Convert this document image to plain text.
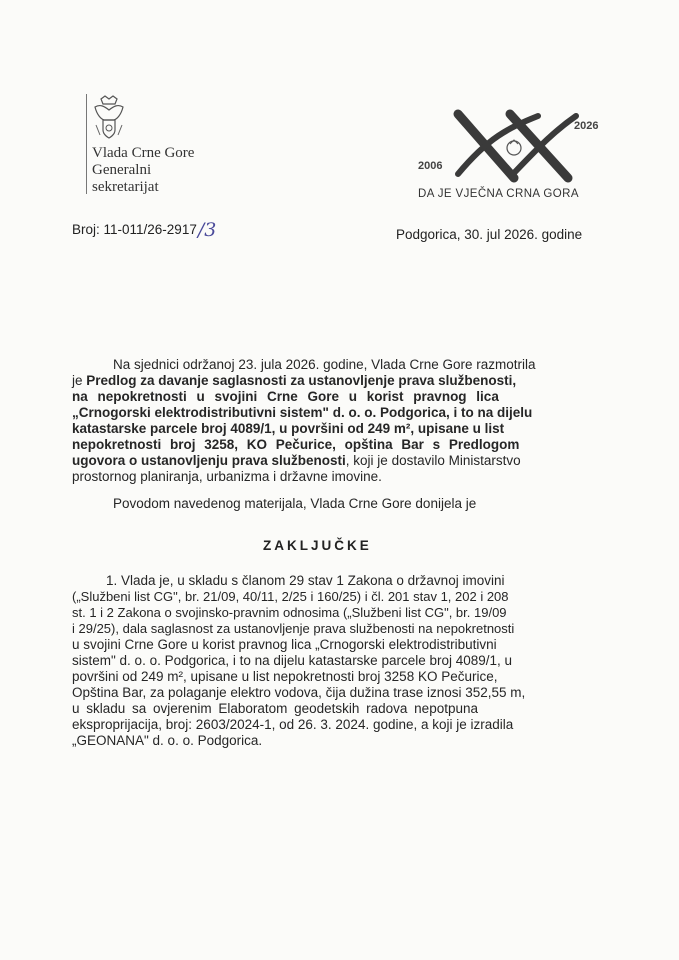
Vlada Crne Gore
Generalni
sekretarijat
2006
2026
DA JE VJEČNA CRNA GORA
Broj: 11-011/26-2917/3	Podgorica, 30. jul 2026. godine
Na sjednici održanoj 23. jula 2026. godine, Vlada Crne Gore razmotrila
je Predlog za davanje saglasnosti za ustanovljenje prava službenosti,
na nepokretnosti u svojini Crne Gore u korist pravnog lica
„Crnogorski elektrodistributivni sistem" d. o. o. Podgorica, i to na dijelu
katastarske parcele broj 4089/1, u površini od 249 m², upisane u list
nepokretnosti broj 3258, KO Pečurice, opština Bar s Predlogom
ugovora o ustanovljenju prava službenosti, koji je dostavilo Ministarstvo
prostornog planiranja, urbanizma i državne imovine.
Povodom navedenog materijala, Vlada Crne Gore donijela je
ZAKLJUČKE
1. Vlada je, u skladu s članom 29 stav 1 Zakona o državnoj imovini
(„Službeni list CG", br. 21/09, 40/11, 2/25 i 160/25) i čl. 201 stav 1, 202 i 208
st. 1 i 2 Zakona o svojinsko-pravnim odnosima („Službeni list CG", br. 19/09
i 29/25), dala saglasnost za ustanovljenje prava službenosti na nepokretnosti
u svojini Crne Gore u korist pravnog lica „Crnogorski elektrodistributivni
sistem" d. o. o. Podgorica, i to na dijelu katastarske parcele broj 4089/1, u
površini od 249 m², upisane u list nepokretnosti broj 3258 KO Pečurice,
Opština Bar, za polaganje elektro vodova, čija dužina trase iznosi 352,55 m,
u skladu sa ovjerenim Elaboratom geodetskih radova nepotpuna
eksproprijacija, broj: 2603/2024-1, od 26. 3. 2024. godine, a koji je izradila
„GEONANA" d. o. o. Podgorica.
